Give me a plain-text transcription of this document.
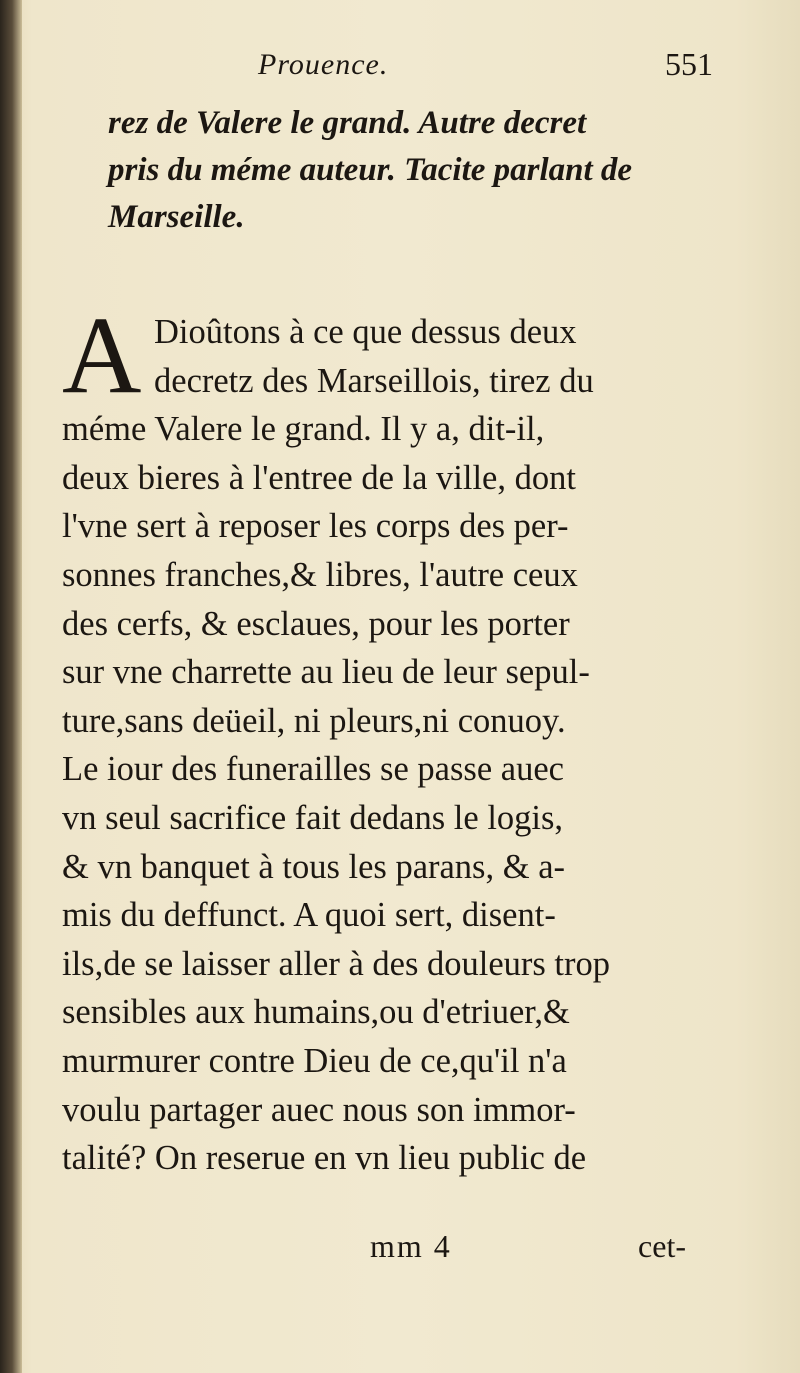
Prouence.	551
rez de Valere le grand. Autre decret
pris du méme auteur. Tacite parlant de
Marseille.
A Dioûtons à ce que dessus deux
decretz des Marseillois, tirez du
méme Valere le grand. Il y a, dit-il,
deux bieres à l'entree de la ville, dont
l'vne sert à reposer les corps des per-
sonnes franches,& libres, l'autre ceux
des cerfs, & esclaues, pour les porter
sur vne charrette au lieu de leur sepul-
ture,sans deüeil, ni pleurs,ni conuoy.
Le iour des funerailles se passe auec
vn seul sacrifice fait dedans le logis,
& vn banquet à tous les parans, & a-
mis du deffunct. A quoi sert, disent-
ils,de se laisser aller à des douleurs trop
sensibles aux humains,ou d'etriuer,&
murmurer contre Dieu de ce,qu'il n'a
voulu partager auec nous son immor-
talité? On reserue en vn lieu public de
mm 4	cet-
